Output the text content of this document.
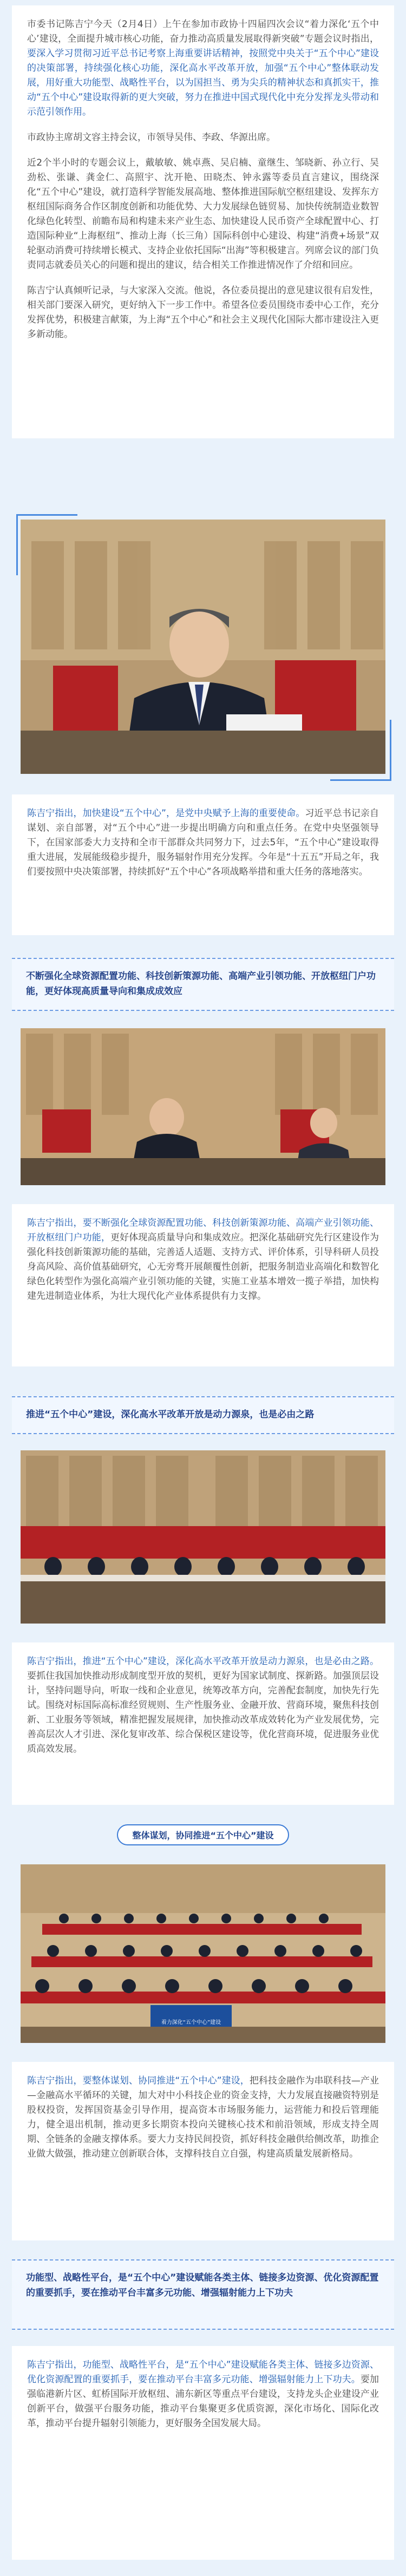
市委书记陈吉宁今天（2月4日）上午在参加市政协十四届四次会议“着力深化‘五个中心’建设，全面提升城市核心功能，奋力推动高质量发展取得新突破”专题会议时指出，要深入学习贯彻习近平总书记考察上海重要讲话精神，按照党中央关于“五个中心”建设的决策部署，持续强化核心功能，深化高水平改革开放，加强“五个中心”整体联动发展，用好重大功能型、战略性平台，以为国担当、勇为尖兵的精神状态和真抓实干，推动“五个中心”建设取得新的更大突破，努力在推进中国式现代化中充分发挥龙头带动和示范引领作用。

市政协主席胡文容主持会议，市领导吴伟、李政、华源出席。

近2个半小时的专题会议上，戴敏敏、姚卓燕、吴启楠、童继生、邹晓新、孙立行、吴劲松、张谦、龚金仁、高照宇、沈开艳、田晓杰、钟永露等委员直言建议，围绕深化“五个中心”建设，就打造科学智能发展高地、整体推进国际航空枢纽建设、发挥东方枢纽国际商务合作区制度创新和功能优势、大力发展绿色链贸易、加快传统制造业数智化绿色化转型、前瞻布局和构建未来产业生态、加快建设人民币资产全球配置中心、打造国际种业“上海枢纽”、推动上海（长三角）国际科创中心建设、构建“消费+场景”双轮驱动消费可持续增长模式、支持企业依托国际“出海”等积极建言。列席会议的部门负责同志就委员关心的问题和提出的建议，结合相关工作推进情况作了介绍和回应。

陈吉宁认真倾听记录，与大家深入交流。他说，各位委员提出的意见建议很有启发性，相关部门要深入研究，更好纳入下一步工作中。希望各位委员围绕市委中心工作，充分发挥优势，积极建言献策，为上海“五个中心”和社会主义现代化国际大都市建设注入更多新动能。

陈吉宁指出，加快建设“五个中心”，是党中央赋予上海的重要使命。习近平总书记亲自谋划、亲自部署，对“五个中心”进一步提出明确方向和重点任务。在党中央坚强领导下，在国家部委大力支持和全市干部群众共同努力下，过去5年，“五个中心”建设取得重大进展，发展能级稳步提升，服务辐射作用充分发挥。今年是“十五五”开局之年，我们要按照中央决策部署，持续抓好“五个中心”各项战略举措和重大任务的落地落实。

不断强化全球资源配置功能、科技创新策源功能、高端产业引领功能、开放枢纽门户功能，更好体现高质量导向和集成成效应

陈吉宁指出，要不断强化全球资源配置功能、科技创新策源功能、高端产业引领功能、开放枢纽门户功能，更好体现高质量导向和集成效应。把深化基础研究先行区建设作为强化科技创新策源功能的基础，完善适人适题、支持方式、评价体系，引导科研人员投身高风险、高价值基础研究，心无旁骛开展颠覆性创新，把服务制造业高端化和数智化绿色化转型作为强化高端产业引领功能的关键，实施工业基本增效一揽子举措，加快构建先进制造业体系，为壮大现代化产业体系提供有力支撑。

推进“五个中心”建设，深化高水平改革开放是动力源泉，也是必由之路

陈吉宁指出，推进“五个中心”建设，深化高水平改革开放是动力源泉，也是必由之路。要抓住我国加快推动形成制度型开放的契机，更好为国家试制度、探新路。加强顶层设计，坚持问题导向，听取一线和企业意见，统筹改革方向，完善配套制度，加快先行先试。围绕对标国际高标准经贸规则、生产性服务业、金融开放、营商环境，聚焦科技创新、工业服务等领域，精准把握发展规律，加快推动改革成效转化为产业发展优势，完善高层次人才引进、深化复审改革、综合保税区建设等，优化营商环境，促进服务业优质高效发展。

整体谋划，协同推进“五个中心”建设
着力深化“五个中心”建设

陈吉宁指出，要整体谋划、协同推进“五个中心”建设，把科技金融作为串联科技—产业—金融高水平循环的关键，加大对中小科技企业的资金支持，大力发展直接融资特别是股权投资，发挥国资基金引导作用，提高资本市场服务能力，运营能力和投后管理能力，健全退出机制，推动更多长期资本投向关键核心技术和前沿领域，形成支持全周期、全链条的金融支撑体系。要大力支持民间投资，抓好科技金融供给侧改革，助推企业做大做强，推动建立创新联合体，支撑科技自立自强，构建高质量发展新格局。

功能型、战略性平台，是“五个中心”建设赋能各类主体、链接多边资源、优化资源配置的重要抓手，要在推动平台丰富多元功能、增强辐射能力上下功夫

陈吉宁指出，功能型、战略性平台，是“五个中心”建设赋能各类主体、链接多边资源、优化资源配置的重要抓手，要在推动平台丰富多元功能、增强辐射能力上下功夫。要加强临港新片区、虹桥国际开放枢纽、浦东新区等重点平台建设，支持龙头企业建设产业创新平台，做强平台服务功能，推动平台集聚更多优质资源，深化市场化、国际化改革，推动平台提升辐射引领能力，更好服务全国发展大局。
